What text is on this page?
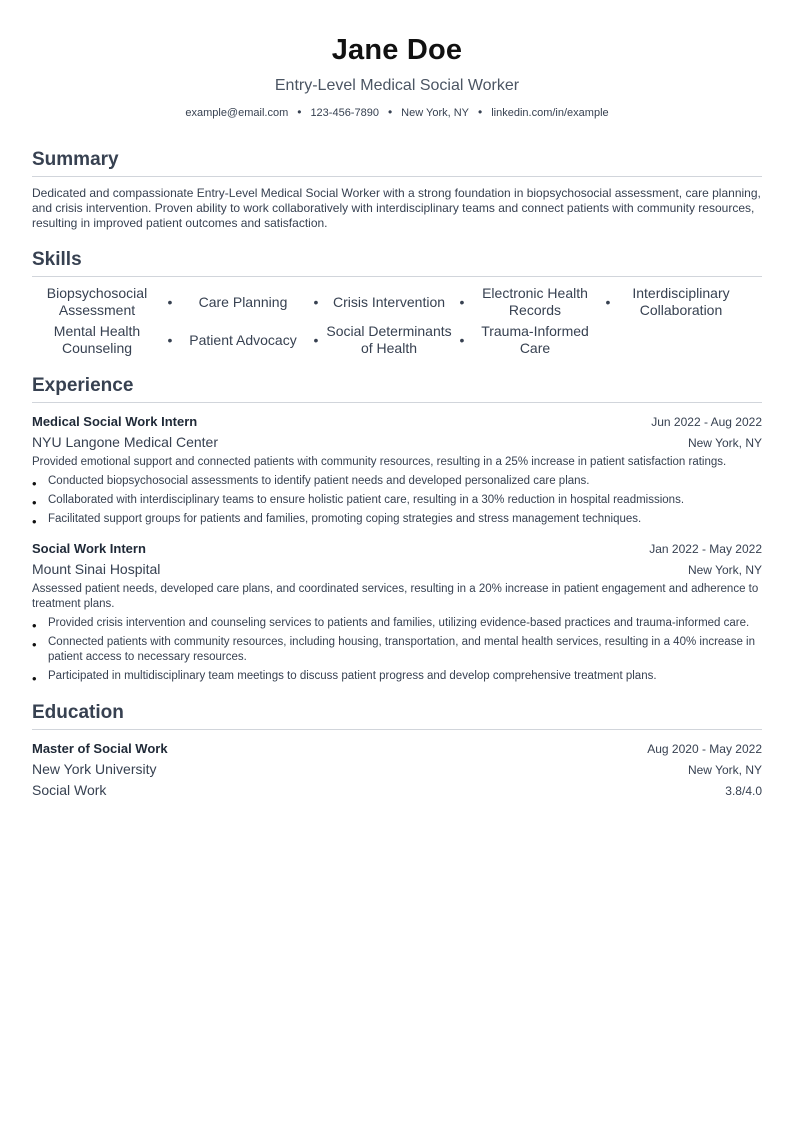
Jane Doe
Entry-Level Medical Social Worker
example@email.com • 123-456-7890 • New York, NY • linkedin.com/in/example
Summary
Dedicated and compassionate Entry-Level Medical Social Worker with a strong foundation in biopsychosocial assessment, care planning, and crisis intervention. Proven ability to work collaboratively with interdisciplinary teams and connect patients with community resources, resulting in improved patient outcomes and satisfaction.
Skills
Biopsychosocial Assessment	•	Care Planning	•	Crisis Intervention	•
Electronic Health Records	•
Interdisciplinary Collaboration
Mental Health Counseling	•	Patient Advocacy	•
Social Determinants of Health	•
Trauma-Informed Care
Experience
Medical Social Work Intern	Jun 2022 - Aug 2022
NYU Langone Medical Center	New York, NY
Provided emotional support and connected patients with community resources, resulting in a 25% increase in patient satisfaction ratings.
• Conducted biopsychosocial assessments to identify patient needs and developed personalized care plans.
• Collaborated with interdisciplinary teams to ensure holistic patient care, resulting in a 30% reduction in hospital readmissions.
• Facilitated support groups for patients and families, promoting coping strategies and stress management techniques.
Social Work Intern	Jan 2022 - May 2022
Mount Sinai Hospital	New York, NY
Assessed patient needs, developed care plans, and coordinated services, resulting in a 20% increase in patient engagement and adherence to treatment plans.
• Provided crisis intervention and counseling services to patients and families, utilizing evidence-based practices and trauma-informed care.
• Connected patients with community resources, including housing, transportation, and mental health services, resulting in a 40% increase in patient access to necessary resources.
• Participated in multidisciplinary team meetings to discuss patient progress and develop comprehensive treatment plans.
Education
Master of Social Work	Aug 2020 - May 2022
New York University	New York, NY
Social Work	3.8/4.0
